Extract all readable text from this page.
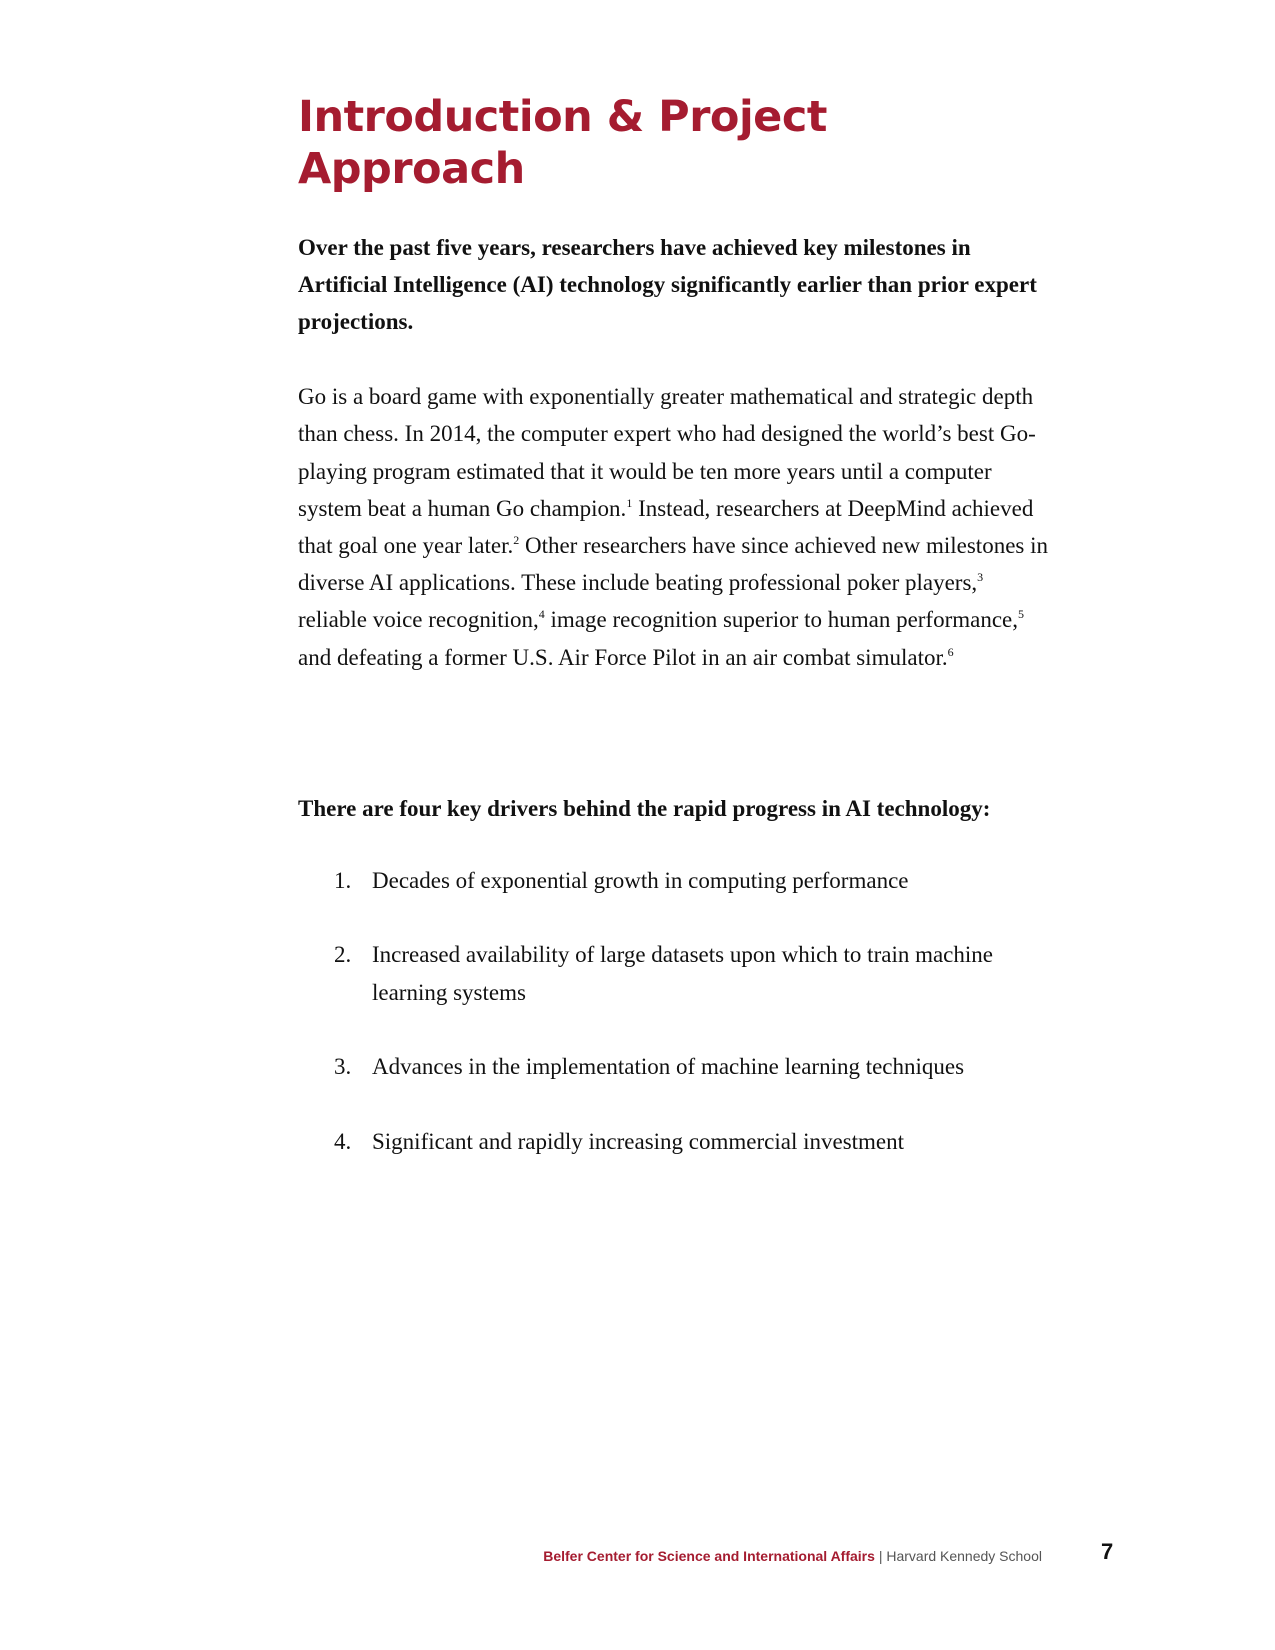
Introduction & Project Approach

Over the past five years, researchers have achieved key milestones in Artificial Intelligence (AI) technology significantly earlier than prior expert projections.

Go is a board game with exponentially greater mathematical and strategic depth than chess. In 2014, the computer expert who had designed the world’s best Go-playing program estimated that it would be ten more years until a computer system beat a human Go champion.$^1$ Instead, researchers at DeepMind achieved that goal one year later.$^2$ Other researchers have since achieved new milestones in diverse AI applications. These include beating professional poker players,$^3$ reliable voice recognition,$^4$ image recognition superior to human performance,$^5$ and defeating a former U.S. Air Force Pilot in an air combat simulator.$^6$

There are four key drivers behind the rapid progress in AI technology:

1. Decades of exponential growth in computing performance
2. Increased availability of large datasets upon which to train machine learning systems
3. Advances in the implementation of machine learning techniques
4. Significant and rapidly increasing commercial investment
Belfer Center for Science and International Affairs | Harvard Kennedy School	7
